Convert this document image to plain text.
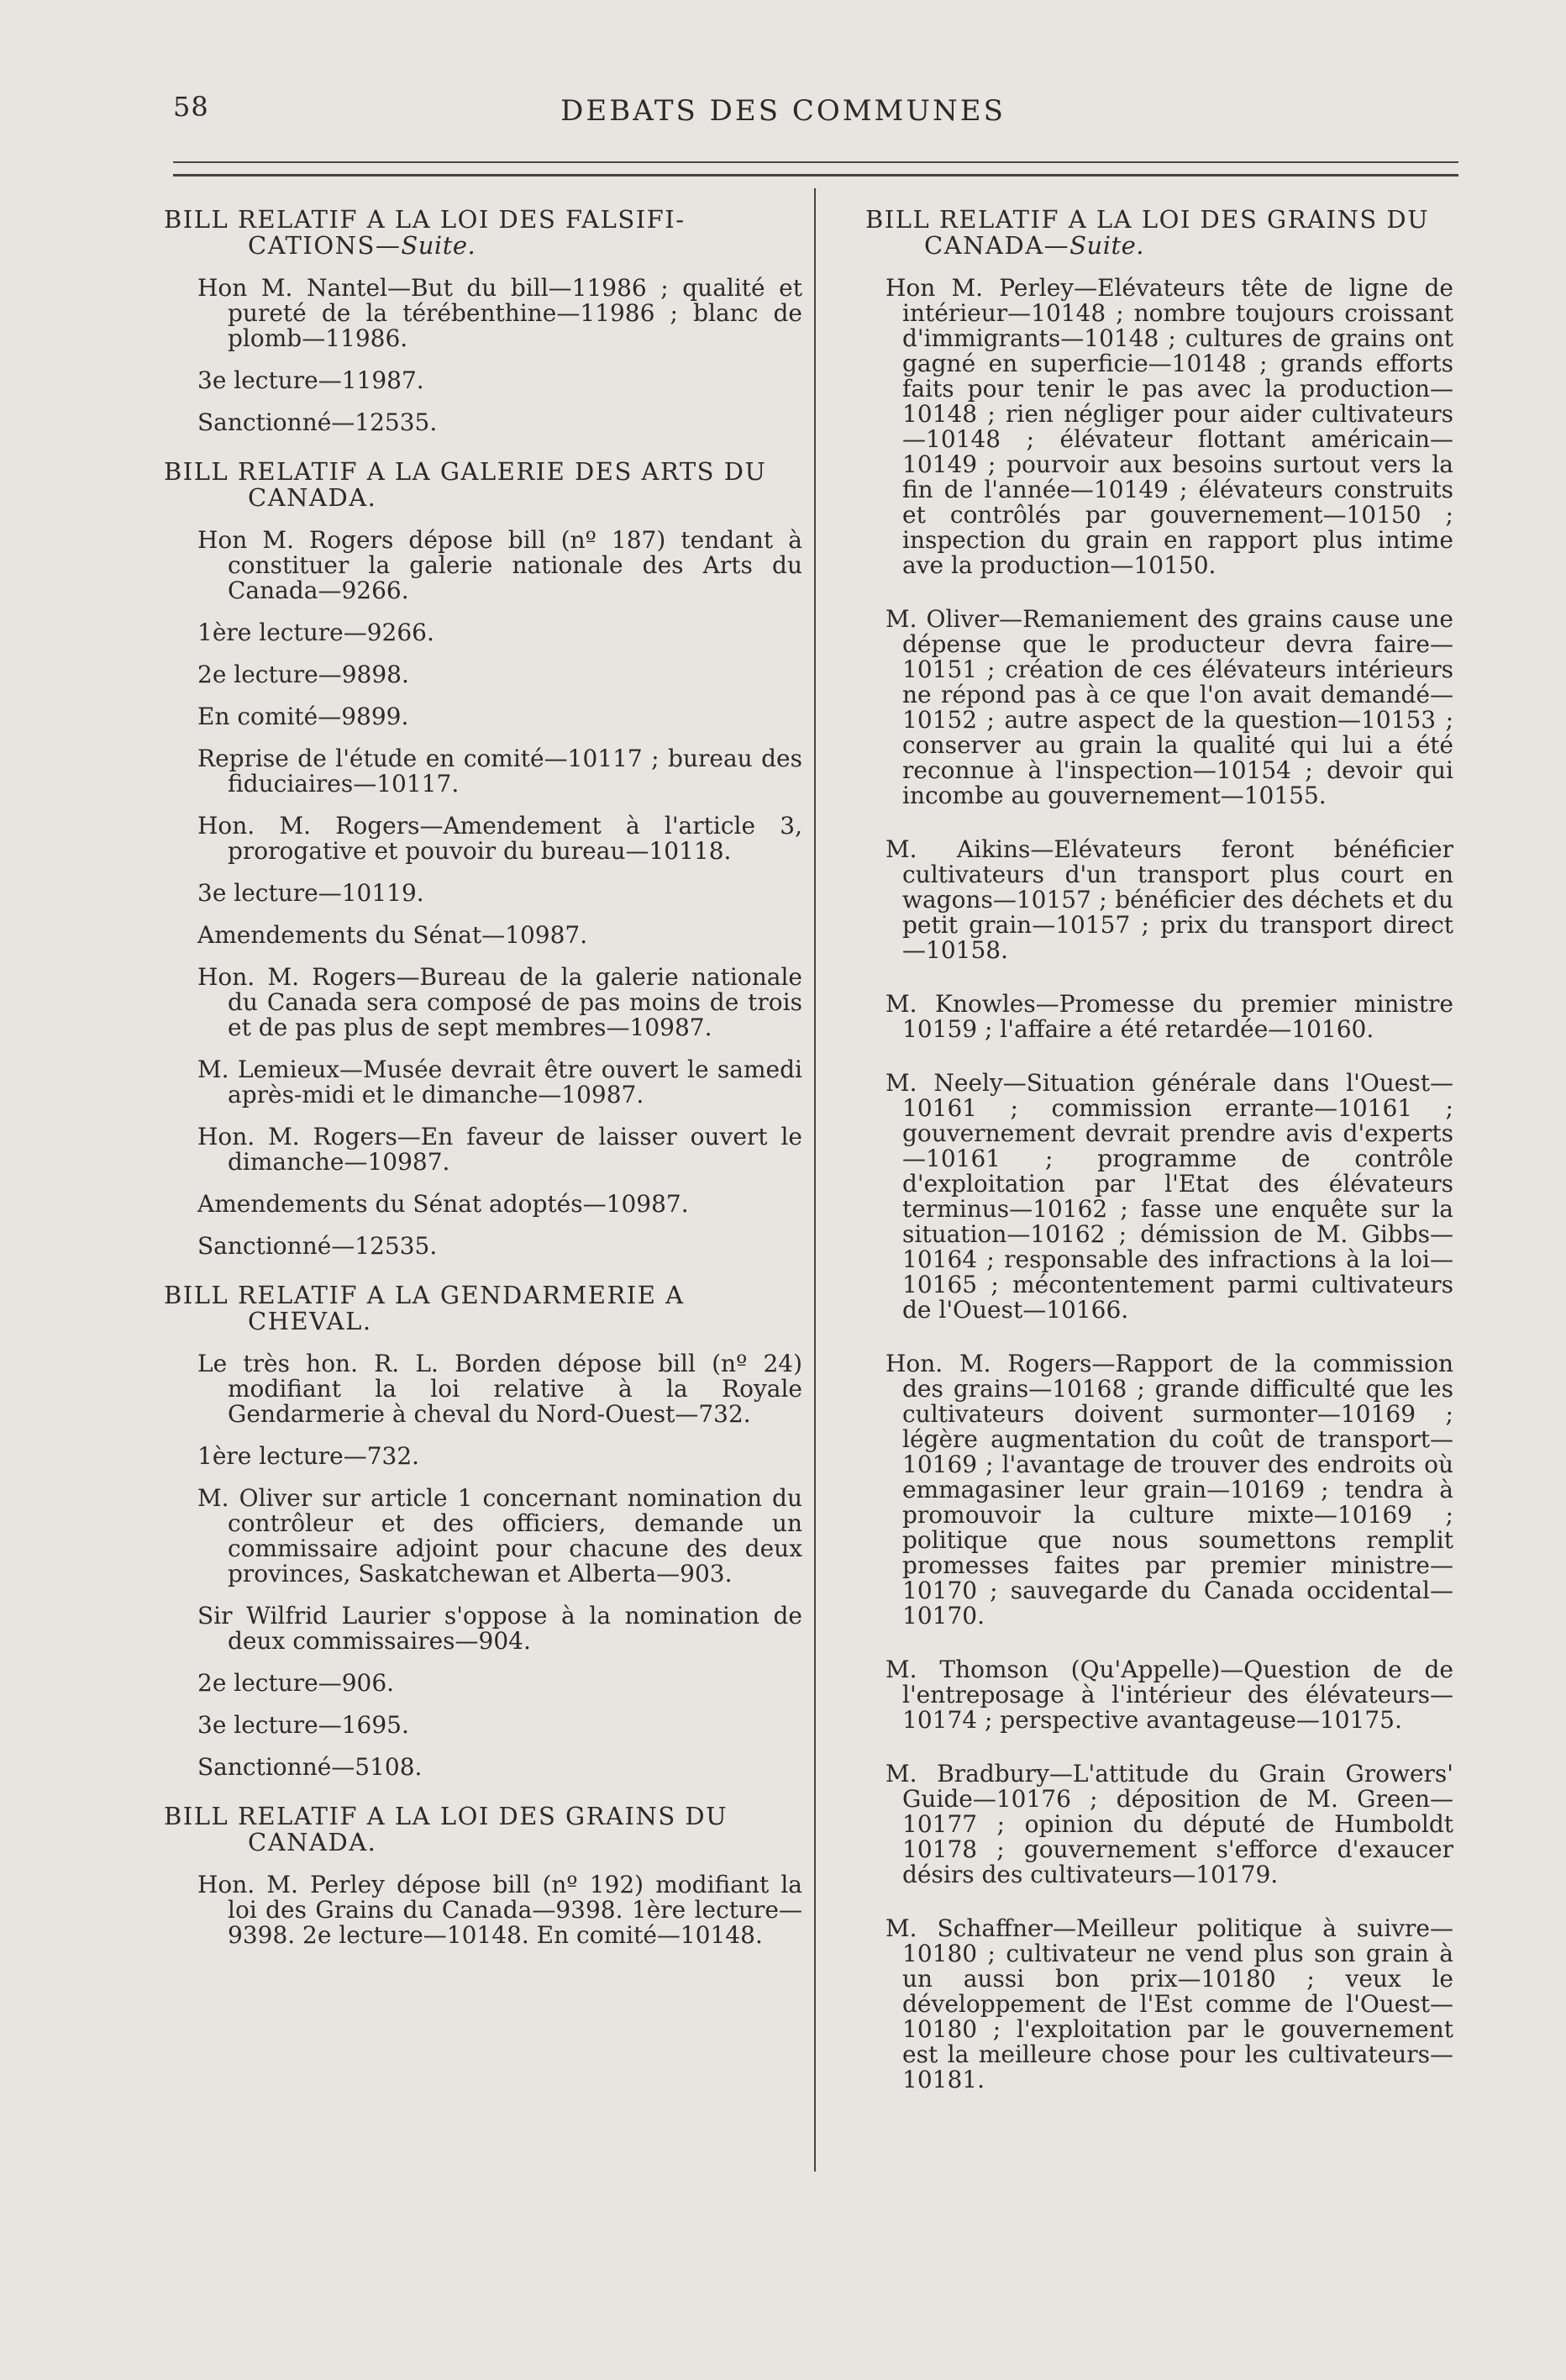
58	DEBATS DES COMMUNES

BILL RELATIF A LA LOI DES FALSIFI-CATIONS—Suite.

Hon M. Nantel—But du bill—11986 ; qualité et pureté de la térébenthine—11986 ; blanc de plomb—11986.

3e lecture—11987.

Sanctionné—12535.

BILL RELATIF A LA GALERIE DES ARTS DU CANADA.

Hon M. Rogers dépose bill (nº 187) tendant à constituer la galerie nationale des Arts du Canada—9266.

1ère lecture—9266.

2e lecture—9898.

En comité—9899.

Reprise de l'étude en comité—10117 ; bureau des fiduciaires—10117.

Hon. M. Rogers—Amendement à l'article 3, prorogative et pouvoir du bureau—10118.

3e lecture—10119.

Amendements du Sénat—10987.

Hon. M. Rogers—Bureau de la galerie nationale du Canada sera composé de pas moins de trois et de pas plus de sept membres—10987.

M. Lemieux—Musée devrait être ouvert le samedi après-midi et le dimanche—10987.

Hon. M. Rogers—En faveur de laisser ouvert le dimanche—10987.

Amendements du Sénat adoptés—10987.

Sanctionné—12535.

BILL RELATIF A LA GENDARMERIE A CHEVAL.

Le très hon. R. L. Borden dépose bill (nº 24) modifiant la loi relative à la Royale Gendarmerie à cheval du Nord-Ouest—732.

1ère lecture—732.

M. Oliver sur article 1 concernant nomination du contrôleur et des officiers, demande un commissaire adjoint pour chacune des deux provinces, Saskatchewan et Alberta—903.

Sir Wilfrid Laurier s'oppose à la nomination de deux commissaires—904.

2e lecture—906.

3e lecture—1695.

Sanctionné—5108.

BILL RELATIF A LA LOI DES GRAINS DU CANADA.

Hon. M. Perley dépose bill (nº 192) modifiant la loi des Grains du Canada—9398. 1ère lecture—9398. 2e lecture—10148. En comité—10148.

BILL RELATIF A LA LOI DES GRAINS DU CANADA—Suite.

Hon M. Perley—Elévateurs tête de ligne de intérieur—10148 ; nombre toujours croissant d'immigrants—10148 ; cultures de grains ont gagné en superficie—10148 ; grands efforts faits pour tenir le pas avec la production—10148 ; rien négliger pour aider cultivateurs—10148 ; élévateur flottant américain—10149 ; pourvoir aux besoins surtout vers la fin de l'année—10149 ; élévateurs construits et contrôlés par gouvernement—10150 ; inspection du grain en rapport plus intime ave la production—10150.

M. Oliver—Remaniement des grains cause une dépense que le producteur devra faire—10151 ; création de ces élévateurs intérieurs ne répond pas à ce que l'on avait demandé—10152 ; autre aspect de la question—10153 ; conserver au grain la qualité qui lui a été reconnue à l'inspection—10154 ; devoir qui incombe au gouvernement—10155.

M. Aikins—Elévateurs feront bénéficier cultivateurs d'un transport plus court en wagons—10157 ; bénéficier des déchets et du petit grain—10157 ; prix du transport direct—10158.

M. Knowles—Promesse du premier ministre 10159 ; l'affaire a été retardée—10160.

M. Neely—Situation générale dans l'Ouest—10161 ; commission errante—10161 ; gouvernement devrait prendre avis d'experts—10161 ; programme de contrôle d'exploitation par l'Etat des élévateurs terminus—10162 ; fasse une enquête sur la situation—10162 ; démission de M. Gibbs—10164 ; responsable des infractions à la loi—10165 ; mécontentement parmi cultivateurs de l'Ouest—10166.

Hon. M. Rogers—Rapport de la commission des grains—10168 ; grande difficulté que les cultivateurs doivent surmonter—10169 ; légère augmentation du coût de transport—10169 ; l'avantage de trouver des endroits où emmagasiner leur grain—10169 ; tendra à promouvoir la culture mixte—10169 ; politique que nous soumettons remplit promesses faites par premier ministre—10170 ; sauvegarde du Canada occidental—10170.

M. Thomson (Qu'Appelle)—Question de de l'entreposage à l'intérieur des élévateurs—10174 ; perspective avantageuse—10175.

M. Bradbury—L'attitude du Grain Growers' Guide—10176 ; déposition de M. Green—10177 ; opinion du député de Humboldt 10178 ; gouvernement s'efforce d'exaucer désirs des cultivateurs—10179.

M. Schaffner—Meilleur politique à suivre—10180 ; cultivateur ne vend plus son grain à un aussi bon prix—10180 ; veux le développement de l'Est comme de l'Ouest—10180 ; l'exploitation par le gouvernement est la meilleure chose pour les cultivateurs—10181.
